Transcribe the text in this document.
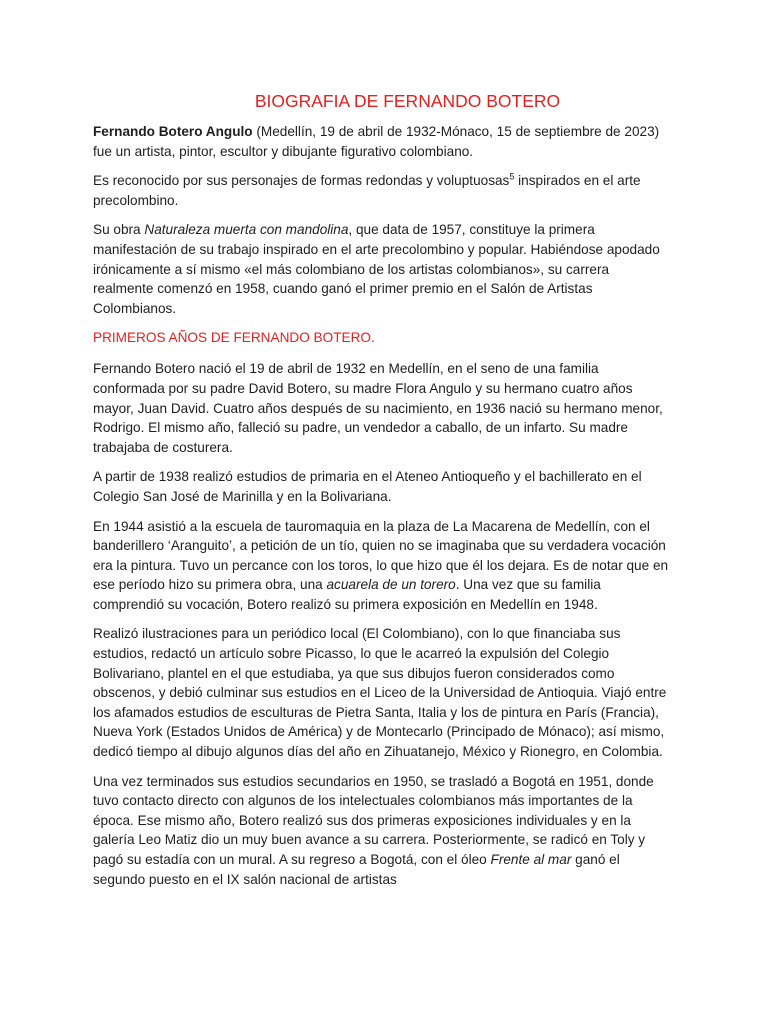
BIOGRAFIA DE FERNANDO BOTERO

Fernando Botero Angulo (Medellín, 19 de abril de 1932-Mónaco, 15 de septiembre de 2023) fue un artista, pintor, escultor y dibujante figurativo colombiano.

Es reconocido por sus personajes de formas redondas y voluptuosas$^5$ inspirados en el arte precolombino.

Su obra Naturaleza muerta con mandolina, que data de 1957, constituye la primera manifestación de su trabajo inspirado en el arte precolombino y popular. Habiéndose apodado irónicamente a sí mismo «el más colombiano de los artistas colombianos», su carrera realmente comenzó en 1958, cuando ganó el primer premio en el Salón de Artistas Colombianos.

PRIMEROS AÑOS DE FERNANDO BOTERO.

Fernando Botero nació el 19 de abril de 1932 en Medellín, en el seno de una familia conformada por su padre David Botero, su madre Flora Angulo y su hermano cuatro años mayor, Juan David. Cuatro años después de su nacimiento, en 1936 nació su hermano menor, Rodrigo. El mismo año, falleció su padre, un vendedor a caballo, de un infarto. Su madre trabajaba de costurera.

A partir de 1938 realizó estudios de primaria en el Ateneo Antioqueño y el bachillerato en el Colegio San José de Marinilla y en la Bolivariana.

En 1944 asistió a la escuela de tauromaquia en la plaza de La Macarena de Medellín, con el banderillero ‘Aranguito’, a petición de un tío, quien no se imaginaba que su verdadera vocación era la pintura. Tuvo un percance con los toros, lo que hizo que él los dejara. Es de notar que en ese período hizo su primera obra, una acuarela de un torero. Una vez que su familia comprendió su vocación, Botero realizó su primera exposición en Medellín en 1948.

Realizó ilustraciones para un periódico local (El Colombiano), con lo que financiaba sus estudios, redactó un artículo sobre Picasso, lo que le acarreó la expulsión del Colegio Bolivariano, plantel en el que estudiaba, ya que sus dibujos fueron considerados como obscenos, y debió culminar sus estudios en el Liceo de la Universidad de Antioquia. Viajó entre los afamados estudios de esculturas de Pietra Santa, Italia y los de pintura en París (Francia), Nueva York (Estados Unidos de América) y de Montecarlo (Principado de Mónaco); así mismo, dedicó tiempo al dibujo algunos días del año en Zihuatanejo, México y Rionegro, en Colombia.

Una vez terminados sus estudios secundarios en 1950, se trasladó a Bogotá en 1951, donde tuvo contacto directo con algunos de los intelectuales colombianos más importantes de la época. Ese mismo año, Botero realizó sus dos primeras exposiciones individuales y en la galería Leo Matiz dio un muy buen avance a su carrera. Posteriormente, se radicó en Toly y pagó su estadía con un mural. A su regreso a Bogotá, con el óleo Frente al mar ganó el segundo puesto en el IX salón nacional de artistas
